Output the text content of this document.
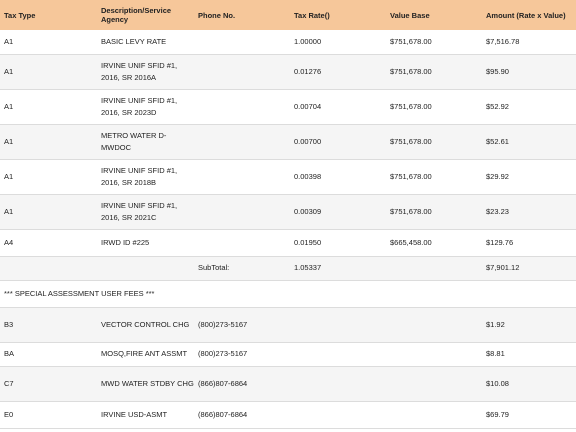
Tax Type	Description/Service Agency	Phone No.	Tax Rate()	Value Base	Amount (Rate x Value)
A1	BASIC LEVY RATE		1.00000	$751,678.00	$7,516.78
A1	IRVINE UNIF SFID #1, 2016, SR 2016A		0.01276	$751,678.00	$95.90
A1	IRVINE UNIF SFID #1, 2016, SR 2023D		0.00704	$751,678.00	$52.92
A1	METRO WATER D-MWDOC		0.00700	$751,678.00	$52.61
A1	IRVINE UNIF SFID #1, 2016, SR 2018B		0.00398	$751,678.00	$29.92
A1	IRVINE UNIF SFID #1, 2016, SR 2021C		0.00309	$751,678.00	$23.23
A4	IRWD ID #225		0.01950	$665,458.00	$129.76
		SubTotal:	1.05337		$7,901.12
*** SPECIAL ASSESSMENT USER FEES ***					
B3	VECTOR CONTROL CHG	(800)273-5167			$1.92
BA	MOSQ,FIRE ANT ASSMT	(800)273-5167			$8.81
C7	MWD WATER STDBY CHG	(866)807-6864			$10.08
E0	IRVINE USD-ASMT	(866)807-6864			$69.79
